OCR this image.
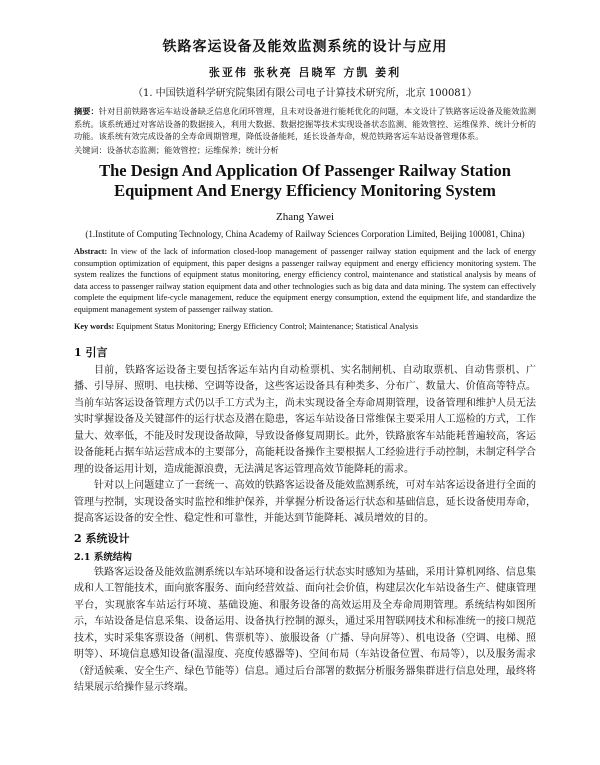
铁路客运设备及能效监测系统的设计与应用
张亚伟 张秋亮 吕晓军 方凯 姜利
（1. 中国铁道科学研究院集团有限公司电子计算技术研究所，北京 100081）

摘要：针对目前铁路客运车站设备缺乏信息化闭环管理，且未对设备进行能耗优化的问题，本文设计了铁路客运设备及能效监测系统。该系统通过对客站设备的数据接入，利用大数据、数据挖掘等技术实现设备状态监测、能效管控、运维保养、统计分析的功能。该系统有效完成设备的全寿命周期管理，降低设备能耗，延长设备寿命，规范铁路客运车站设备管理体系。

关键词：设备状态监测；能效管控；运维保养；统计分析

The Design And Application Of Passenger Railway Station
Equipment And Energy Efficiency Monitoring System
Zhang Yawei
(1.Institute of Computing Technology, China Academy of Railway Sciences Corporation Limited, Beijing 100081, China)

Abstract: In view of the lack of information closed-loop management of passenger railway station equipment and the lack of energy consumption optimization of equipment, this paper designs a passenger railway equipment and energy efficiency monitoring system. The system realizes the functions of equipment status monitoring, energy efficiency control, maintenance and statistical analysis by means of data access to passenger railway station equipment data and other technologies such as big data and data mining. The system can effectively complete the equipment life-cycle management, reduce the equipment energy consumption, extend the equipment life, and standardize the equipment management system of passenger railway station.

Key words: Equipment Status Monitoring; Energy Efficiency Control; Maintenance; Statistical Analysis

1 引言

目前，铁路客运设备主要包括客运车站内自动检票机、实名制闸机、自动取票机、自动售票机、广播、引导屏、照明、电扶梯、空调等设备，这些客运设备具有种类多、分布广、数量大、价值高等特点。当前车站客运设备管理方式仍以手工方式为主，尚未实现设备全寿命周期管理，设备管理和维护人员无法实时掌握设备及关键部件的运行状态及潜在隐患，客运车站设备日常维保主要采用人工巡检的方式，工作量大、效率低，不能及时发现设备故障，导致设备修复周期长。此外，铁路旅客车站能耗普遍较高，客运设备能耗占据车站运营成本的主要部分，高能耗设备操作主要根据人工经验进行手动控制，未制定科学合理的设备运用计划，造成能源浪费，无法满足客运管理高效节能降耗的需求。

针对以上问题建立了一套统一、高效的铁路客运设备及能效监测系统，可对车站客运设备进行全面的管理与控制，实现设备实时监控和维护保养，并掌握分析设备运行状态和基础信息，延长设备使用寿命，提高客运设备的安全性、稳定性和可靠性，并能达到节能降耗、减员增效的目的。

2 系统设计
2.1 系统结构

铁路客运设备及能效监测系统以车站环境和设备运行状态实时感知为基础，采用计算机网络、信息集成和人工智能技术，面向旅客服务、面向经营效益、面向社会价值，构建层次化车站设备生产、健康管理平台，实现旅客车站运行环境、基础设施、和服务设备的高效运用及全寿命周期管理。系统结构如图所示，车站设备是信息采集、设备运用、设备执行控制的源头，通过采用智联网技术和标准统一的接口规范技术，实时采集客票设备（闸机、售票机等）、旅服设备（广播、导向屏等）、机电设备（空调、电梯、照明等）、环境信息感知设备(温湿度、亮度传感器等)、空间布局（车站设备位置、布局等），以及服务需求（舒适候乘、安全生产、绿色节能等）信息。通过后台部署的数据分析服务器集群进行信息处理，最终将结果展示给操作显示终端。
